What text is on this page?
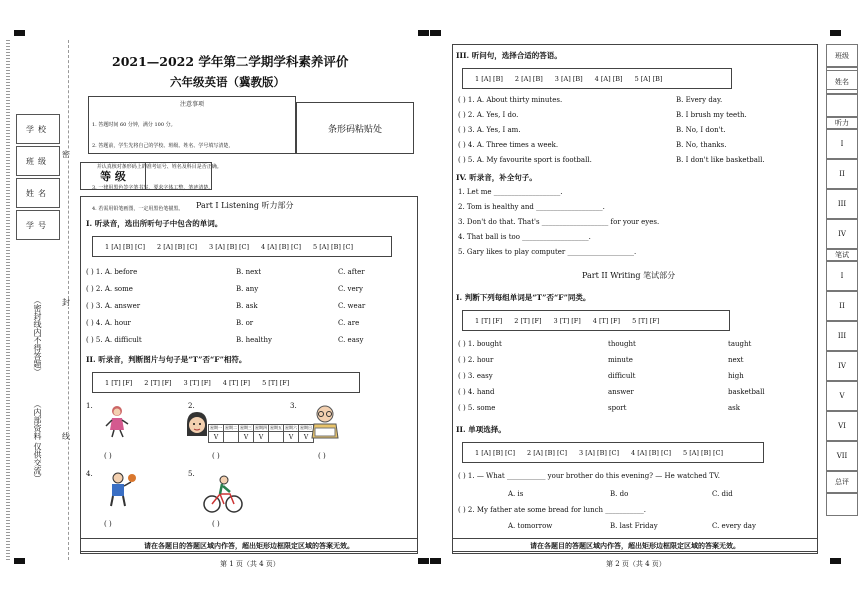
学校
班级
姓名
学号
（密封线内不得答题）
（内部资料 仅供交流）
密
封
线
2021—2022 学年第二学期学科素养评价
六年级英语（冀教版）
注意事项

1. 答题时间 60 分钟，满分 100 分。

2. 答题前，学生先将自己的学校、班级、姓名、学号填写清楚，

并认真核对条形码上的准考证号、姓名及科目是否正确。

3. 一律用黑色签字笔书写，要求字体工整，笔迹清楚。

4. 若需用铅笔画图，一定用黑色笔描黑。

条形码粘贴处
等 级
Part I Listening 听力部分
I. 听录音，选出所听句子中包含的单词。
1 [A] [B] [C] 2 [A] [B] [C] 3 [A] [B] [C] 4 [A] [B] [C] 5 [A] [B] [C]
( ) 1. A. before	B. next	C. after
( ) 2. A. some	B. any	C. very
( ) 3. A. answer	B. ask	C. wear
( ) 4. A. hour	B. or	C. are
( ) 5. A. difficult	B. healthy	C. easy
II. 听录音，判断图片与句子是“T”否“F”相符。
1 [T] [F] 2 [T] [F] 3 [T] [F] 4 [T] [F] 5 [T] [F]
1.
( )
2.
星期一	星期二	星期三	星期四	星期五	星期六	星期日
V		V	V		V	V
( )
3.
( )
4.
( )
5.
( )
请在各题目的答题区域内作答，超出矩形边框限定区域的答案无效。
第 1 页（共 4 页）
III. 听问句，选择合适的答语。
1 [A] [B] 2 [A] [B] 3 [A] [B] 4 [A] [B] 5 [A] [B]
( ) 1. A. About thirty minutes.	B. Every day.
( ) 2. A. Yes, I do.	B. I brush my teeth.
( ) 3. A. Yes, I am.	B. No, I don't.
( ) 4. A. Three times a week.	B. No, thanks.
( ) 5. A. My favourite sport is football.	B. I don't like basketball.
IV. 听录音，补全句子。
1. Let me ___________________.
2. Tom is healthy and ___________________.
3. Don't do that. That's ___________________ for your eyes.
4. That ball is too ___________________.
5. Gary likes to play computer ___________________.
Part II Writing 笔试部分
I. 判断下列每组单词是“T”否“F”同类。
1 [T] [F] 2 [T] [F] 3 [T] [F] 4 [T] [F] 5 [T] [F]
( ) 1. bought	thought	taught
( ) 2. hour	minute	next
( ) 3. easy	difficult	high
( ) 4. hand	answer	basketball
( ) 5. some	sport	ask
II. 单项选择。
1 [A] [B] [C] 2 [A] [B] [C] 3 [A] [B] [C] 4 [A] [B] [C] 5 [A] [B] [C]
( ) 1. — What ___________ your brother do this evening? — He watched TV.
A. is	B. do	C. did
( ) 2. My father ate some bread for lunch ___________.
A. tomorrow	B. last Friday	C. every day
请在各题目的答题区域内作答，超出矩形边框限定区域的答案无效。
第 2 页（共 4 页）
班级
姓名
听力
I
II
III
IV
笔试
I
II
III
IV
V
VI
VII
总评
